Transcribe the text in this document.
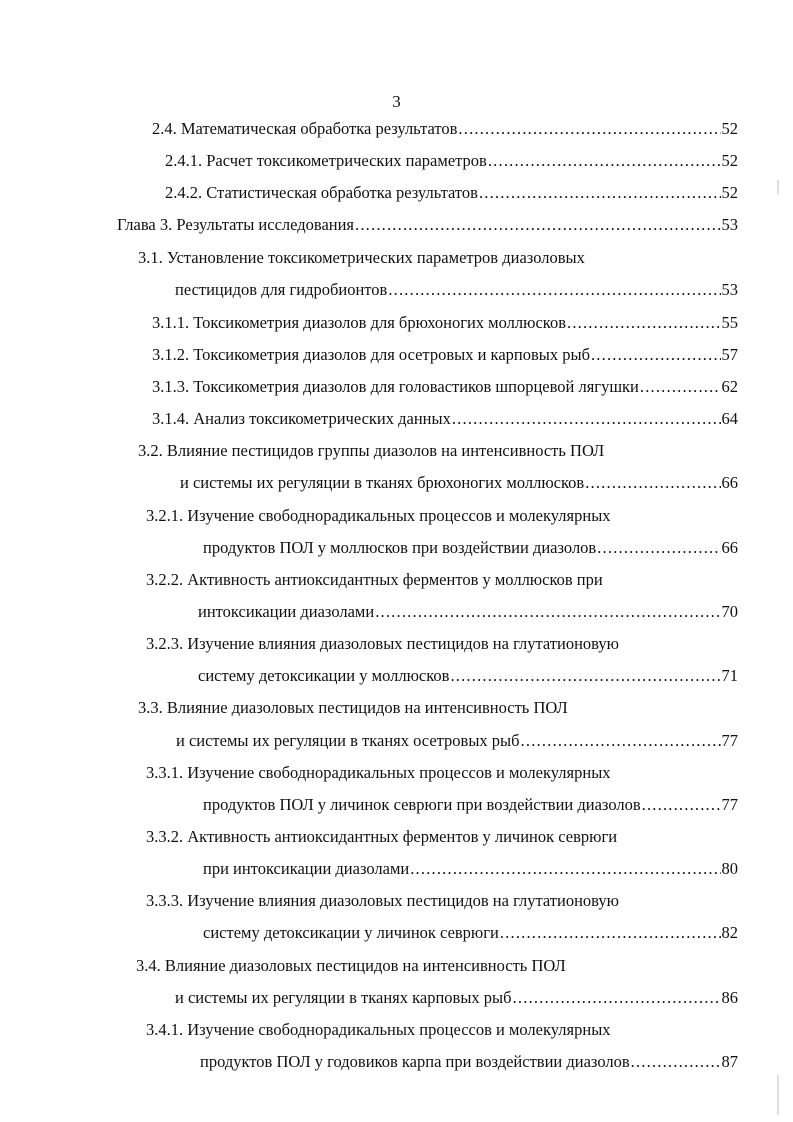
3
2.4. Математическая обработка результатов .....	52
2.4.1. Расчет токсикометрических параметров .....	52
2.4.2. Статистическая обработка результатов .....	52
Глава 3. Результаты исследования .....	53
3.1. Установление токсикометрических параметров диазоловых
пестицидов для гидробионтов .....	53
3.1.1. Токсикометрия диазолов для брюхоногих моллюсков .....	55
3.1.2. Токсикометрия диазолов для осетровых и карповых рыб .....	57
3.1.3. Токсикометрия диазолов для головастиков шпорцевой лягушки .....	62
3.1.4. Анализ токсикометрических данных .....	64
3.2. Влияние пестицидов группы диазолов на интенсивность ПОЛ
и системы их регуляции в тканях брюхоногих моллюсков .....	66
3.2.1. Изучение свободнорадикальных процессов и молекулярных
продуктов ПОЛ у моллюсков при воздействии диазолов .....	66
3.2.2. Активность антиоксидантных ферментов у моллюсков при
интоксикации диазолами .....	70
3.2.3. Изучение влияния диазоловых пестицидов на глутатионовую
систему детоксикации у моллюсков .....	71
3.3. Влияние диазоловых пестицидов на интенсивность ПОЛ
и системы их регуляции в тканях осетровых рыб .....	77
3.3.1. Изучение свободнорадикальных процессов и молекулярных
продуктов ПОЛ у личинок севрюги при воздействии диазолов .....	77
3.3.2. Активность антиоксидантных ферментов у личинок севрюги
при интоксикации диазолами .....	80
3.3.3. Изучение влияния диазоловых пестицидов на глутатионовую
систему детоксикации у личинок севрюги .....	82
3.4. Влияние диазоловых пестицидов на интенсивность ПОЛ
и системы их регуляции в тканях карповых рыб .....	86
3.4.1. Изучение свободнорадикальных процессов и молекулярных
продуктов ПОЛ у годовиков карпа при воздействии диазолов .....	87
